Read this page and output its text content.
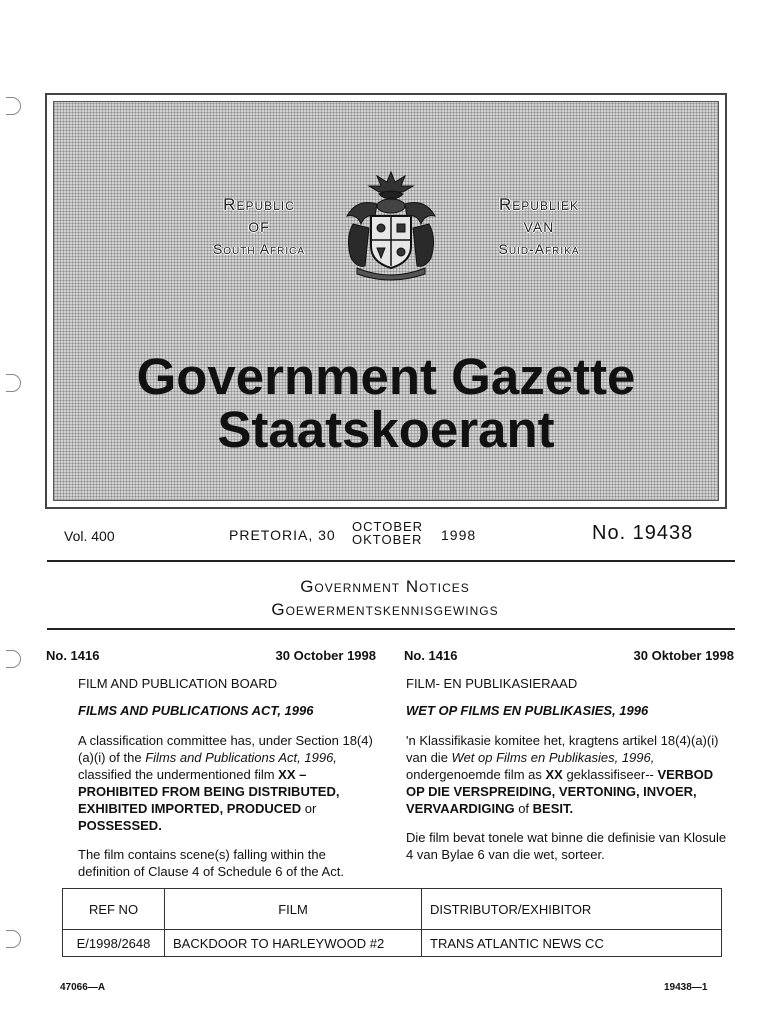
Republic
OF
South Africa
Republiek
VAN
Suid-Afrika
Government Gazette
Staatskoerant
Vol. 400	PRETORIA, 30
OCTOBER
OKTOBER 1998	No. 19438
Government Notices
Goewermentskennisgewings
No. 1416	30 October 1998
FILM AND PUBLICATION BOARD
FILMS AND PUBLICATIONS ACT, 1996
A classification committee has, under Section 18(4)(a)(i) of the Films and Publications Act, 1996, classified the undermentioned film XX – PROHIBITED FROM BEING DISTRIBUTED, EXHIBITED IMPORTED, PRODUCED or POSSESSED.
The film contains scene(s) falling within the definition of Clause 4 of Schedule 6 of the Act.
No. 1416	30 Oktober 1998
FILM- EN PUBLIKASIERAAD
WET OP FILMS EN PUBLIKASIES, 1996
'n Klassifikasie komitee het, kragtens artikel 18(4)(a)(i) van die Wet op Films en Publikasies, 1996, ondergenoemde film as XX geklassifiseer-- VERBOD OP DIE VERSPREIDING, VERTONING, INVOER, VERVAARDIGING of BESIT.
Die film bevat tonele wat binne die definisie van Klosule 4 van Bylae 6 van die wet, sorteer.
REF NO	FILM	DISTRIBUTOR/EXHIBITOR
E/1998/2648	BACKDOOR TO HARLEYWOOD #2	TRANS ATLANTIC NEWS CC
47066—A	19438—1
